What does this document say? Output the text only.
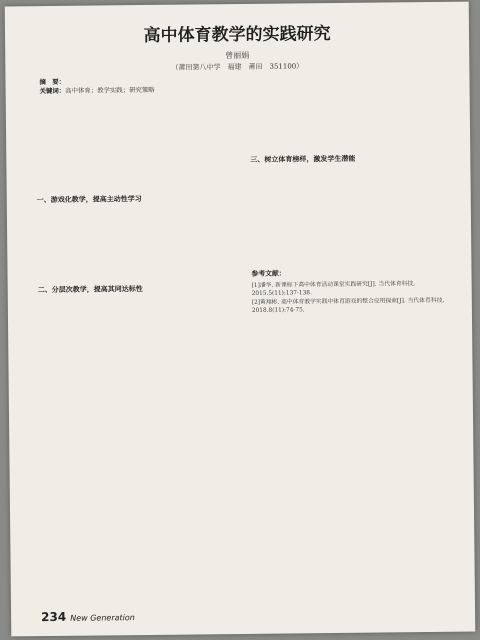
高中体育教学的实践研究
曾丽娟
（莆田第八中学　福建　莆田　351100）
摘　要：
关键词：高中体育；教学实践；研究策略

一、游戏化教学，提高主动性学习

二、分层次教学，提高其同达标性

三、树立体育榜样，激发学生潜能

参考文献：
[1]潘华. 新课标下高中体育活动课堂实践研究[J]. 当代体育科技, 2015.5(11):137-138.
[2]黄翔彬. 高中体育教学实践中体育游戏的整合应用探索[J]. 当代体育科技, 2018.8(11):74-75.
234 New Generation
